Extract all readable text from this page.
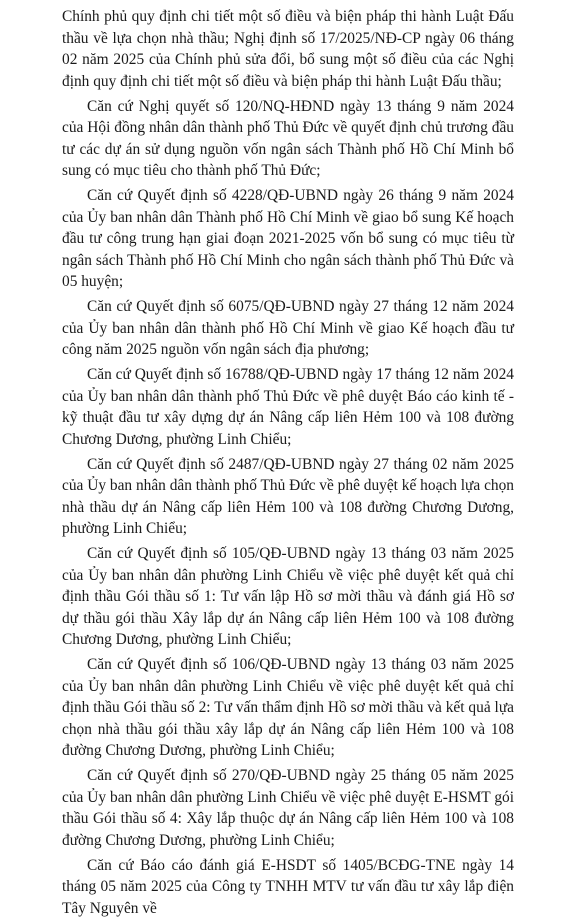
Chính phủ quy định chi tiết một số điều và biện pháp thi hành Luật Đấu thầu về lựa chọn nhà thầu; Nghị định số 17/2025/NĐ-CP ngày 06 tháng 02 năm 2025 của Chính phủ sửa đổi, bổ sung một số điều của các Nghị định quy định chi tiết một số điều và biện pháp thi hành Luật Đấu thầu;

Căn cứ Nghị quyết số 120/NQ-HĐND ngày 13 tháng 9 năm 2024 của Hội đồng nhân dân thành phố Thủ Đức về quyết định chủ trương đầu tư các dự án sử dụng nguồn vốn ngân sách Thành phố Hồ Chí Minh bổ sung có mục tiêu cho thành phố Thủ Đức;

Căn cứ Quyết định số 4228/QĐ-UBND ngày 26 tháng 9 năm 2024 của Ủy ban nhân dân Thành phố Hồ Chí Minh về giao bổ sung Kế hoạch đầu tư công trung hạn giai đoạn 2021-2025 vốn bổ sung có mục tiêu từ ngân sách Thành phố Hồ Chí Minh cho ngân sách thành phố Thủ Đức và 05 huyện;

Căn cứ Quyết định số 6075/QĐ-UBND ngày 27 tháng 12 năm 2024 của Ủy ban nhân dân thành phố Hồ Chí Minh về giao Kế hoạch đầu tư công năm 2025 nguồn vốn ngân sách địa phương;

Căn cứ Quyết định số 16788/QĐ-UBND ngày 17 tháng 12 năm 2024 của Ủy ban nhân dân thành phố Thủ Đức về phê duyệt Báo cáo kinh tế - kỹ thuật đầu tư xây dựng dự án Nâng cấp liên Hẻm 100 và 108 đường Chương Dương, phường Linh Chiểu;

Căn cứ Quyết định số 2487/QĐ-UBND ngày 27 tháng 02 năm 2025 của Ủy ban nhân dân thành phố Thủ Đức về phê duyệt kế hoạch lựa chọn nhà thầu dự án Nâng cấp liên Hẻm 100 và 108 đường Chương Dương, phường Linh Chiểu;

Căn cứ Quyết định số 105/QĐ-UBND ngày 13 tháng 03 năm 2025 của Ủy ban nhân dân phường Linh Chiểu về việc phê duyệt kết quả chỉ định thầu Gói thầu số 1: Tư vấn lập Hồ sơ mời thầu và đánh giá Hồ sơ dự thầu gói thầu Xây lắp dự án Nâng cấp liên Hẻm 100 và 108 đường Chương Dương, phường Linh Chiểu;

Căn cứ Quyết định số 106/QĐ-UBND ngày 13 tháng 03 năm 2025 của Ủy ban nhân dân phường Linh Chiểu về việc phê duyệt kết quả chỉ định thầu Gói thầu số 2: Tư vấn thẩm định Hồ sơ mời thầu và kết quả lựa chọn nhà thầu gói thầu xây lắp dự án Nâng cấp liên Hẻm 100 và 108 đường Chương Dương, phường Linh Chiểu;

Căn cứ Quyết định số 270/QĐ-UBND ngày 25 tháng 05 năm 2025 của Ủy ban nhân dân phường Linh Chiểu về việc phê duyệt E-HSMT gói thầu Gói thầu số 4: Xây lắp thuộc dự án Nâng cấp liên Hẻm 100 và 108 đường Chương Dương, phường Linh Chiểu;

Căn cứ Báo cáo đánh giá E-HSDT số 1405/BCĐG-TNE ngày 14 tháng 05 năm 2025 của Công ty TNHH MTV tư vấn đầu tư xây lắp điện Tây Nguyên về
